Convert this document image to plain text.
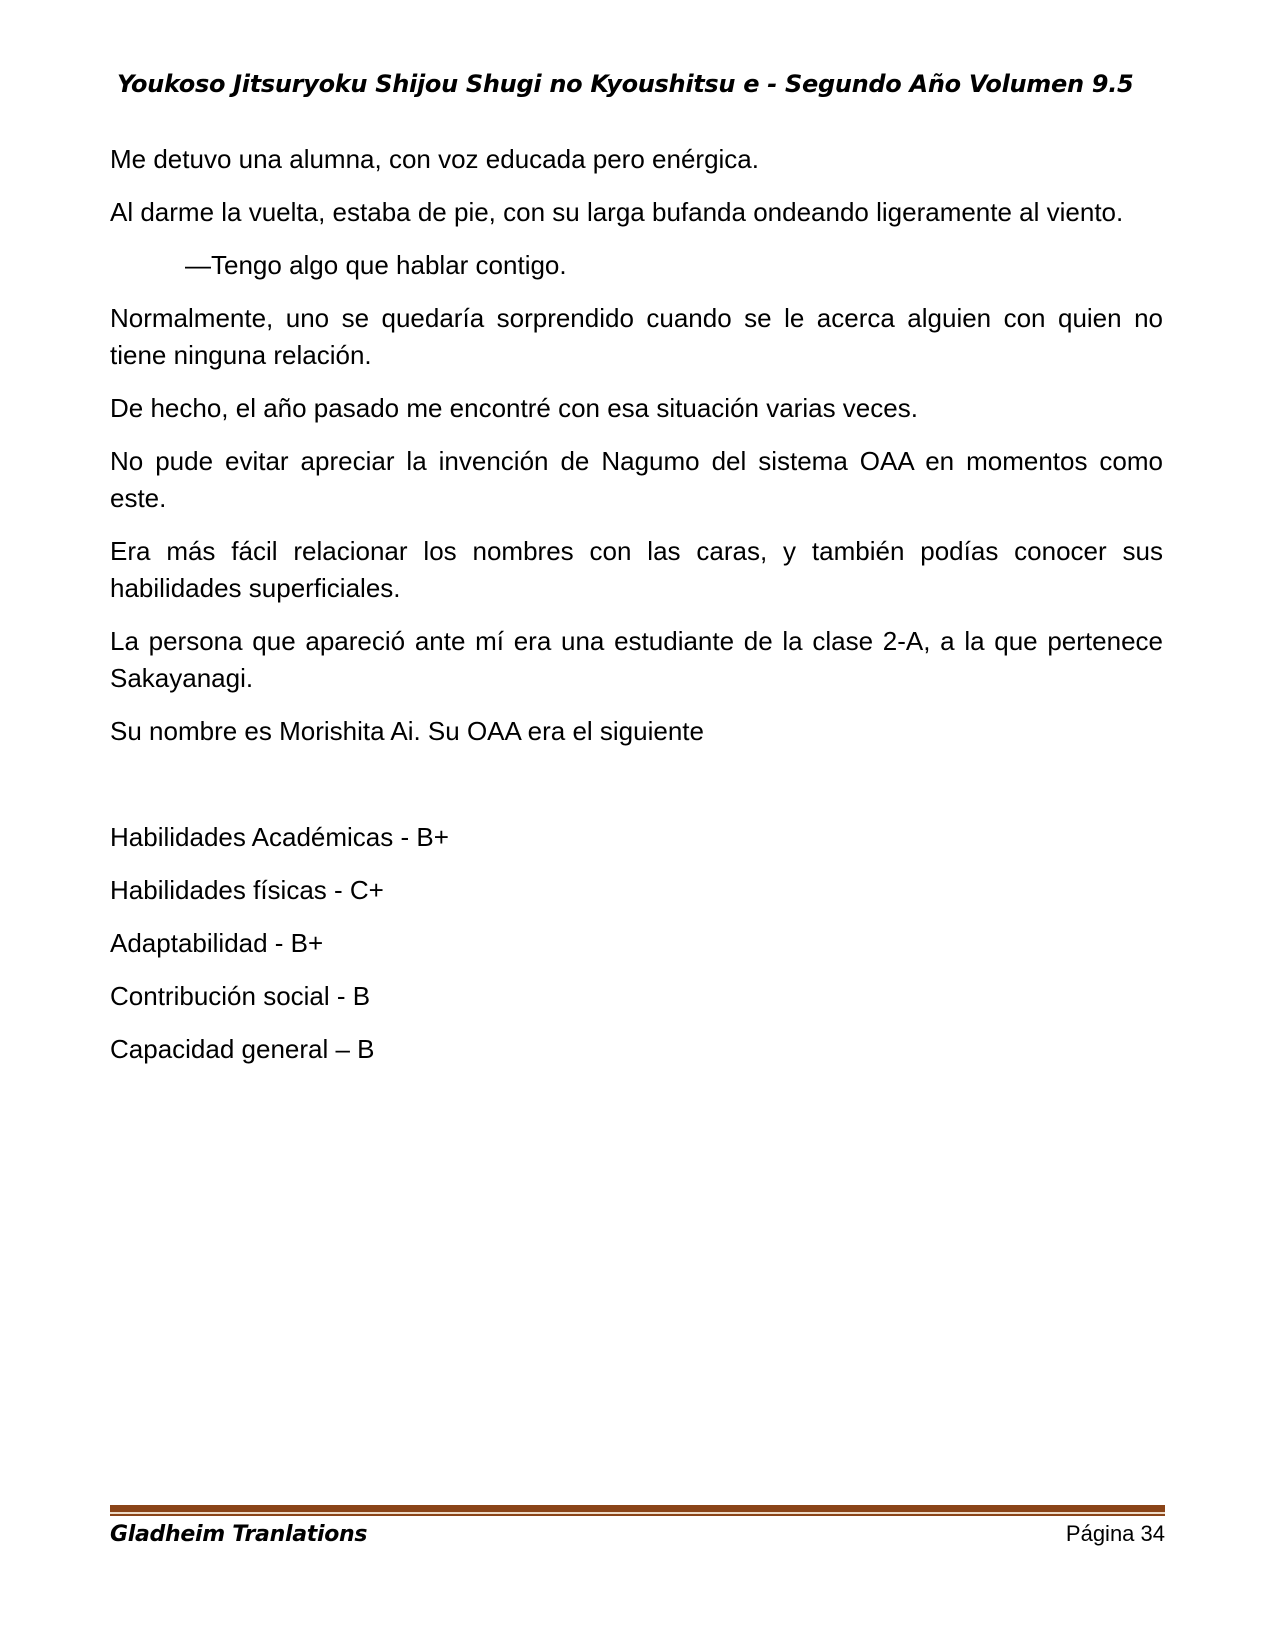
Youkoso Jitsuryoku Shijou Shugi no Kyoushitsu e - Segundo Año Volumen 9.5

Me detuvo una alumna, con voz educada pero enérgica.

Al darme la vuelta, estaba de pie, con su larga bufanda ondeando ligeramente al viento.

—Tengo algo que hablar contigo.

Normalmente, uno se quedaría sorprendido cuando se le acerca alguien con quien no tiene ninguna relación.

De hecho, el año pasado me encontré con esa situación varias veces.

No pude evitar apreciar la invención de Nagumo del sistema OAA en momentos como este.

Era más fácil relacionar los nombres con las caras, y también podías conocer sus habilidades superficiales.

La persona que apareció ante mí era una estudiante de la clase 2-A, a la que pertenece Sakayanagi.

Su nombre es Morishita Ai. Su OAA era el siguiente

Habilidades Académicas - B+

Habilidades físicas - C+

Adaptabilidad - B+

Contribución social - B

Capacidad general – B

Gladheim Tranlations	Página 34
